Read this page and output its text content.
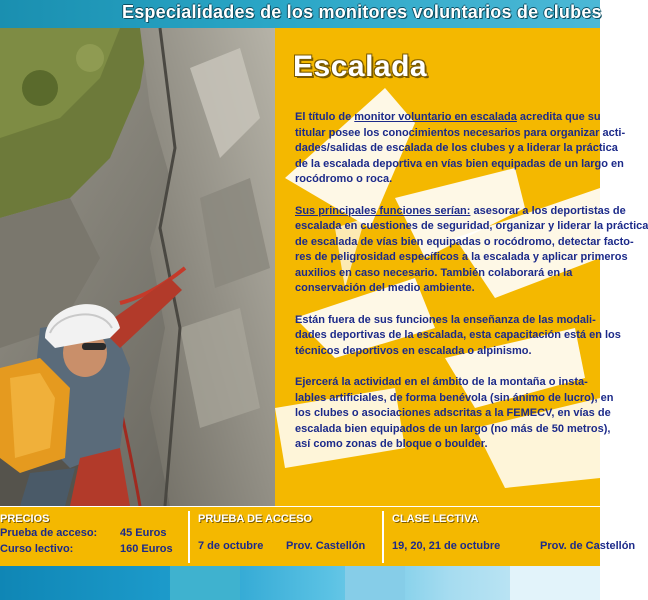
Especialidades de los monitores voluntarios de clubes
Escalada

El título de monitor voluntario en escalada acredita que su

titular posee los conocimientos necesarios para organizar acti-

dades/salidas de escalada de los clubes y a liderar la práctica

de la escalada deportiva en vías bien equipadas de un largo en

rocódromo o roca.

Sus principales funciones serían: asesorar a los deportistas de

escalada en cuestiones de seguridad, organizar y liderar la práctica

de escalada de vías bien equipadas o rocódromo, detectar facto-

res de peligrosidad específicos a la escalada y aplicar primeros

auxilios en caso necesario. También colaborará en la

conservación del medio ambiente.

Están fuera de sus funciones la enseñanza de las modali-

dades deportivas de la escalada, esta capacitación está en los

técnicos deportivos en escalada o alpinismo.

Ejercerá la actividad en el ámbito de la montaña o insta-

lables artificiales, de forma benévola (sin ánimo de lucro), en

los clubes o asociaciones adscritas a la FEMECV, en vías de

escalada bien equipados de un largo (no más de 50 metros),

así como zonas de bloque o boulder.

PRECIOS
Prueba de acceso: 45 Euros
Curso lectivo:	160 Euros
PRUEBA DE ACCESO
7 de octubre Prov. Castellón
CLASE LECTIVA
19, 20, 21 de octubre	Prov. de Castellón
